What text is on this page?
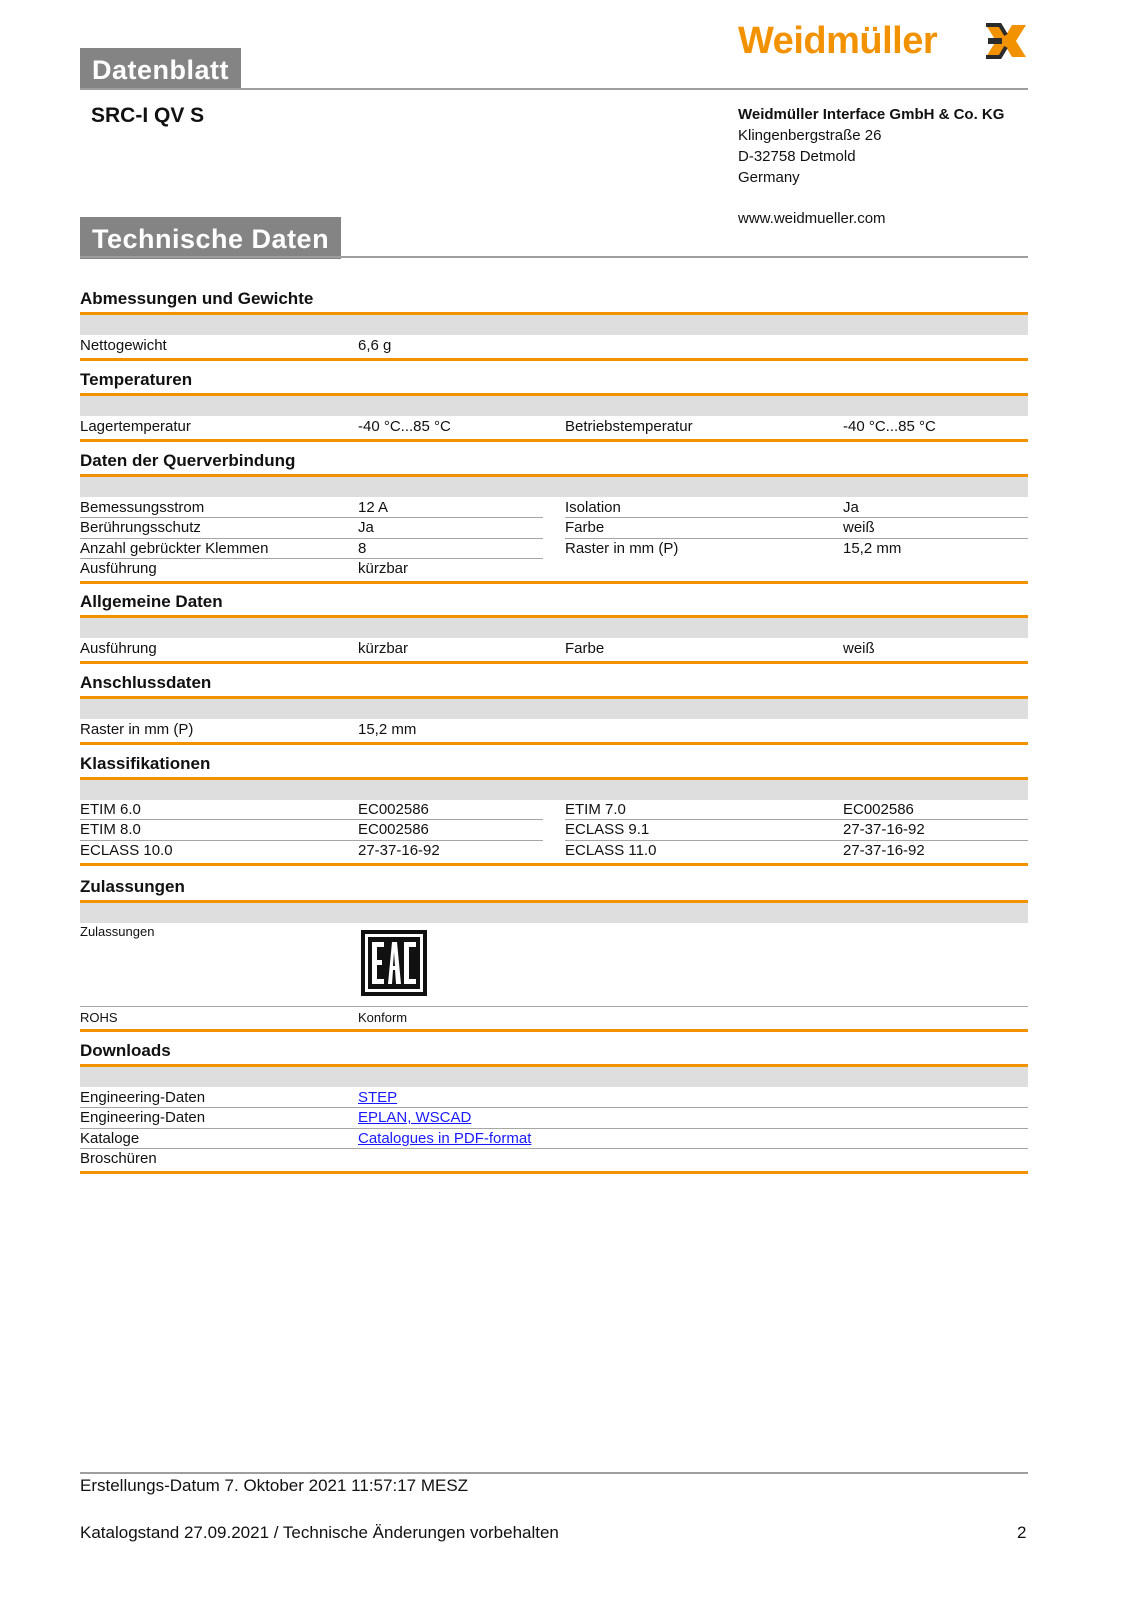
Datenblatt
Weidmüller
SRC-I QV S	Weidmüller Interface GmbH & Co. KG
Klingenbergstraße 26
D-32758 Detmold
Germany
www.weidmueller.com
Technische Daten
Abmessungen und Gewichte
Nettogewicht	6,6 g
Temperaturen
Lagertemperatur	-40 °C...85 °C	Betriebstemperatur	-40 °C...85 °C
Daten der Querverbindung
Bemessungsstrom	12 A	Isolation	Ja
Berührungsschutz	Ja	Farbe	weiß
Anzahl gebrückter Klemmen	8	Raster in mm (P)	15,2 mm
Ausführung	kürzbar
Allgemeine Daten
Ausführung	kürzbar	Farbe	weiß
Anschlussdaten
Raster in mm (P)	15,2 mm
Klassifikationen
ETIM 6.0	EC002586	ETIM 7.0	EC002586
ETIM 8.0	EC002586	ECLASS 9.1	27-37-16-92
ECLASS 10.0	27-37-16-92	ECLASS 11.0	27-37-16-92
Zulassungen
Zulassungen
ROHS	Konform
Downloads
Engineering-Daten	STEP
Engineering-Daten	EPLAN, WSCAD
Kataloge	Catalogues in PDF-format
Broschüren
Erstellungs-Datum 7. Oktober 2021 11:57:17 MESZ
Katalogstand 27.09.2021 / Technische Änderungen vorbehalten	2
